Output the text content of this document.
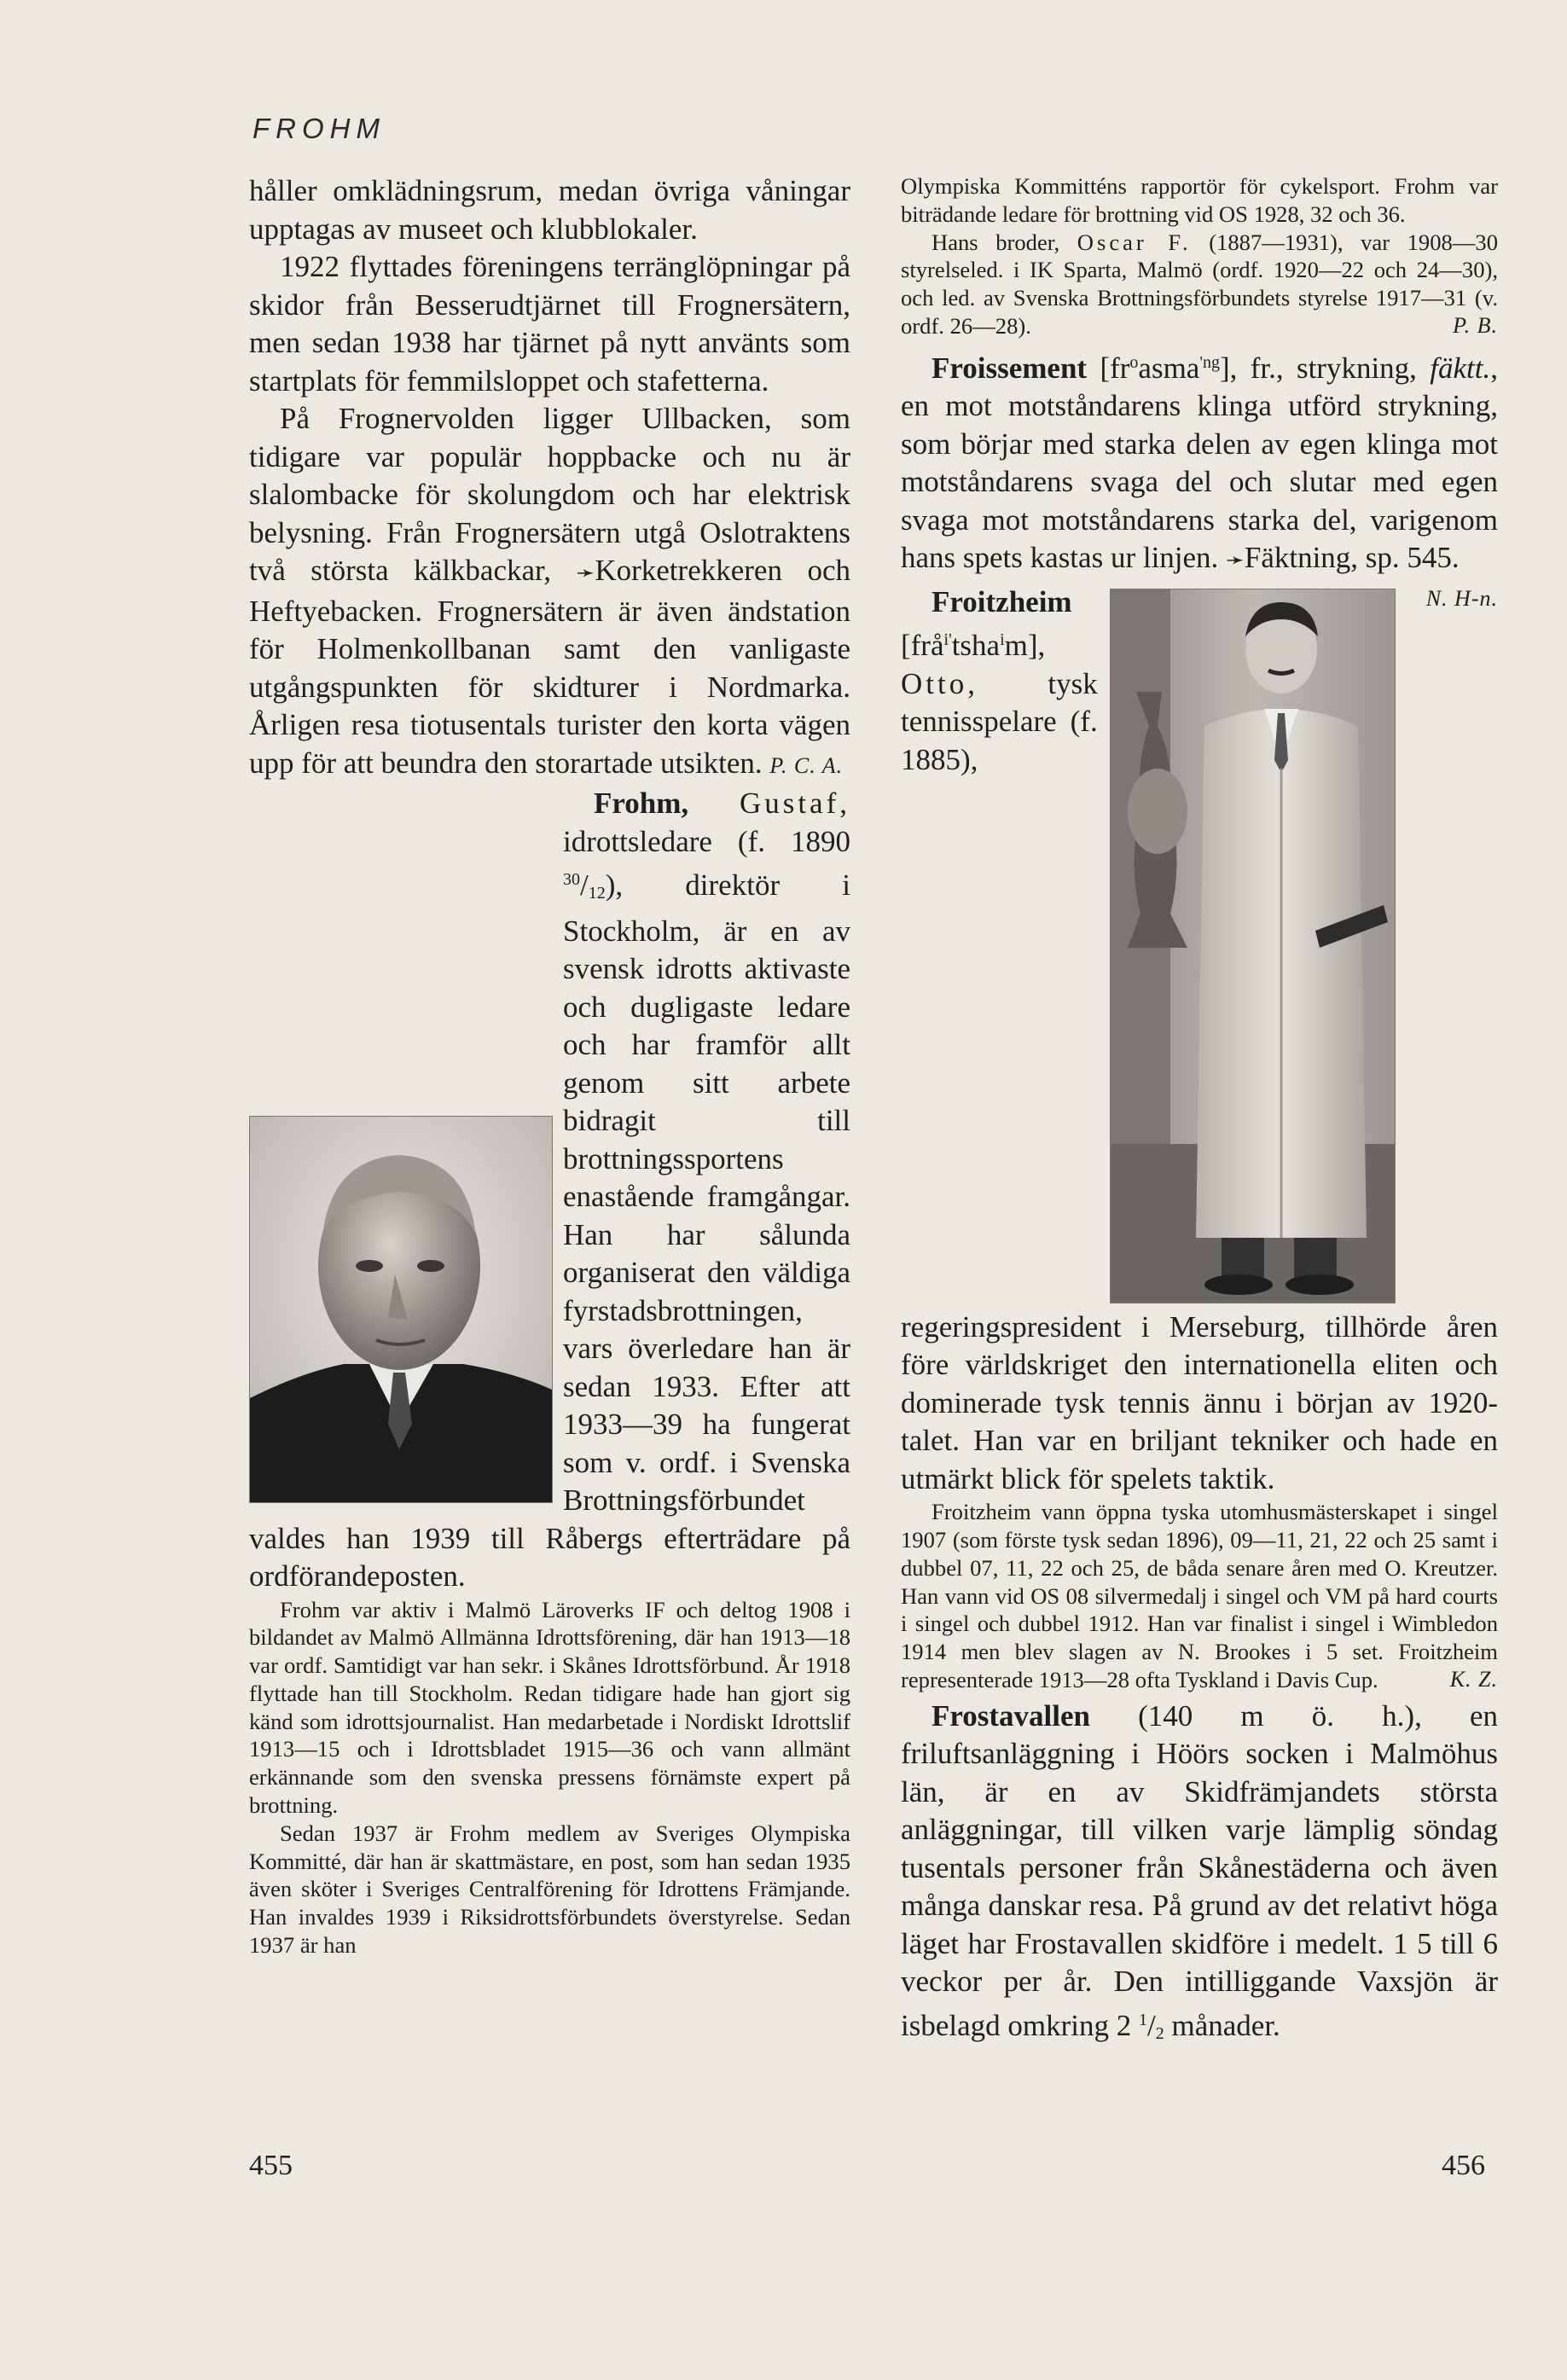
FROHM

håller omklädningsrum, medan övriga våningar upptagas av museet och klubblokaler.

1922 flyttades föreningens terränglöpningar på skidor från Besserudtjärnet till Frognersätern, men sedan 1938 har tjärnet på nytt använts som startplats för femmilsloppet och stafetterna.

På Frognervolden ligger Ullbacken, som tidigare var populär hoppbacke och nu är slalombacke för skolungdom och har elektrisk belysning. Från Frognersätern utgå Oslotraktens två största kälkbackar, ➛Korketrekkeren och Heftyebacken. Frognersätern är även ändstation för Holmenkollbanan samt den vanligaste utgångspunkten för skidturer i Nordmarka. Årligen resa tiotusentals turister den korta vägen upp för att beundra den storartade utsikten. P. C. A.

Frohm, Gustaf, idrottsledare (f. 1890 $^{30}/_{12}$), direktör i Stockholm, är en av svensk idrotts aktivaste och dugligaste ledare och har framför allt genom sitt arbete bidragit till brottningssportens enastående framgångar. Han har sålunda organiserat den väldiga fyrstadsbrottningen, vars överledare han är sedan 1933. Efter att 1933—39 ha fungerat som v. ordf. i Svenska Brottningsförbundet valdes han 1939 till Råbergs efterträdare på ordförandeposten.

Frohm var aktiv i Malmö Läroverks IF och deltog 1908 i bildandet av Malmö Allmänna Idrottsförening, där han 1913—18 var ordf. Samtidigt var han sekr. i Skånes Idrottsförbund. År 1918 flyttade han till Stockholm. Redan tidigare hade han gjort sig känd som idrottsjournalist. Han medarbetade i Nordiskt Idrottslif 1913—15 och i Idrottsbladet 1915—36 och vann allmänt erkännande som den svenska pressens förnämste expert på brottning.

Sedan 1937 är Frohm medlem av Sveriges Olympiska Kommitté, där han är skattmästare, en post, som han sedan 1935 även sköter i Sveriges Centralförening för Idrottens Främjande. Han invaldes 1939 i Riksidrottsförbundets överstyrelse. Sedan 1937 är han

Olympiska Kommitténs rapportör för cykelsport. Frohm var biträdande ledare för brottning vid OS 1928, 32 och 36.

Hans broder, Oscar F. (1887—1931), var 1908—30 styrelseled. i IK Sparta, Malmö (ordf. 1920—22 och 24—30), och led. av Svenska Brottningsförbundets styrelse 1917—31 (v. ordf. 26—28).	P. B.

Froissement $[fr^oasma^{'ng}]$, fr., strykning, fäktt., en mot motståndarens klinga utförd strykning, som börjar med starka delen av egen klinga mot motståndarens svaga del och slutar med egen svaga mot motståndarens starka del, varigenom hans spets kastas ur linjen. ➛Fäktning, sp. 545.
N. H-n.

Froitzheim [frå$^{i'}$tsha$^i$m], Otto, tysk tennisspelare (f. 1885), regeringspresident i Merseburg, tillhörde åren före världskriget den internationella eliten och dominerade tysk tennis ännu i början av 1920-talet. Han var en briljant tekniker och hade en utmärkt blick för spelets taktik.

Froitzheim vann öppna tyska utomhusmästerskapet i singel 1907 (som förste tysk sedan 1896), 09—11, 21, 22 och 25 samt i dubbel 07, 11, 22 och 25, de båda senare åren med O. Kreutzer. Han vann vid OS 08 silvermedalj i singel och VM på hard courts i singel och dubbel 1912. Han var finalist i singel i Wimbledon 1914 men blev slagen av N. Brookes i 5 set. Froitzheim representerade 1913—28 ofta Tyskland i Davis Cup.	K. Z.

Frostavallen (140 m ö. h.), en friluftsanläggning i Höörs socken i Malmöhus län, är en av Skidfrämjandets största anläggningar, till vilken varje lämplig söndag tusentals personer från Skånestäderna och även många danskar resa. På grund av det relativt höga läget har Frostavallen skidföre i medelt. 1 5 till 6 veckor per år. Den intilliggande Vaxsjön är isbelagd omkring 2 $^1/_2$ månader.

455	456
